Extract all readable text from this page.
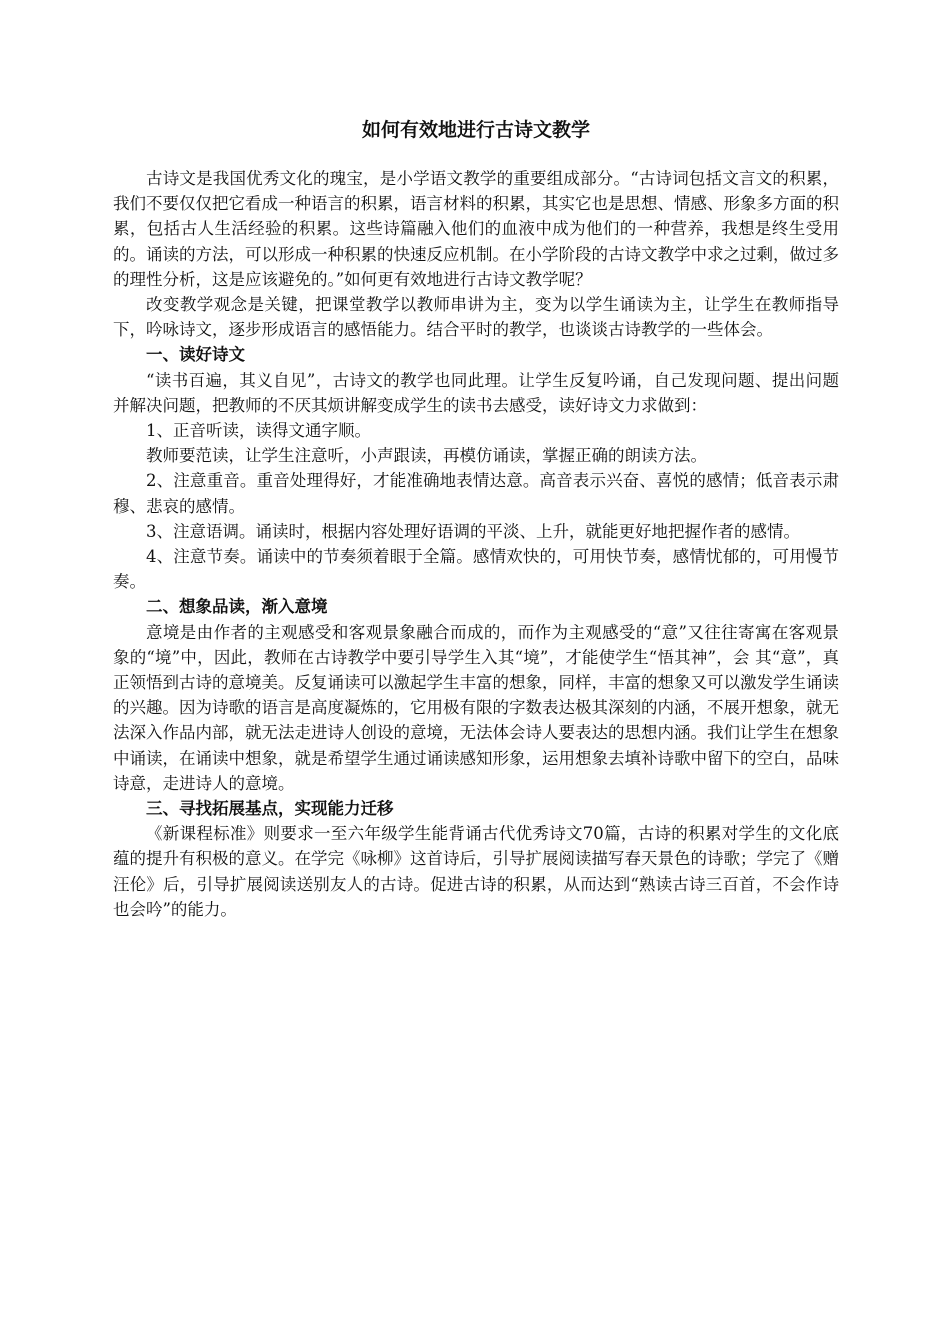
如何有效地进行古诗文教学

古诗文是我国优秀文化的瑰宝，是小学语文教学的重要组成部分。“古诗词包括文言文的积累，我们不要仅仅把它看成一种语言的积累，语言材料的积累，其实它也是思想、情感、形象多方面的积累，包括古人生活经验的积累。这些诗篇融入他们的血液中成为他们的一种营养，我想是终生受用的。诵读的方法，可以形成一种积累的快速反应机制。在小学阶段的古诗文教学中求之过剩，做过多的理性分析，这是应该避免的。”如何更有效地进行古诗文教学呢？

改变教学观念是关键，把课堂教学以教师串讲为主，变为以学生诵读为主，让学生在教师指导下，吟咏诗文，逐步形成语言的感悟能力。结合平时的教学，也谈谈古诗教学的一些体会。

一、读好诗文

“读书百遍，其义自见”，古诗文的教学也同此理。让学生反复吟诵，自己发现问题、提出问题并解决问题，把教师的不厌其烦讲解变成学生的读书去感受，读好诗文力求做到：

1、正音听读，读得文通字顺。

教师要范读，让学生注意听，小声跟读，再模仿诵读，掌握正确的朗读方法。

2、注意重音。重音处理得好，才能准确地表情达意。高音表示兴奋、喜悦的感情；低音表示肃穆、悲哀的感情。

3、注意语调。诵读时，根据内容处理好语调的平淡、上升，就能更好地把握作者的感情。

4、注意节奏。诵读中的节奏须着眼于全篇。感情欢快的，可用快节奏，感情忧郁的，可用慢节奏。

二、想象品读，渐入意境

意境是由作者的主观感受和客观景象融合而成的，而作为主观感受的“意”又往往寄寓在客观景象的“境”中，因此，教师在古诗教学中要引导学生入其“境”，才能使学生“悟其神”，会 其“意”，真正领悟到古诗的意境美。反复诵读可以激起学生丰富的想象，同样，丰富的想象又可以激发学生诵读的兴趣。因为诗歌的语言是高度凝炼的，它用极有限的字数表达极其深刻的内涵，不展开想象，就无法深入作品内部，就无法走进诗人创设的意境，无法体会诗人要表达的思想内涵。我们让学生在想象中诵读，在诵读中想象，就是希望学生通过诵读感知形象，运用想象去填补诗歌中留下的空白，品味诗意，走进诗人的意境。

三、寻找拓展基点，实现能力迁移

《新课程标准》则要求一至六年级学生能背诵古代优秀诗文70篇，古诗的积累对学生的文化底蕴的提升有积极的意义。在学完《咏柳》这首诗后，引导扩展阅读描写春天景色的诗歌；学完了《赠汪伦》后，引导扩展阅读送别友人的古诗。促进古诗的积累，从而达到“熟读古诗三百首，不会作诗也会吟”的能力。
